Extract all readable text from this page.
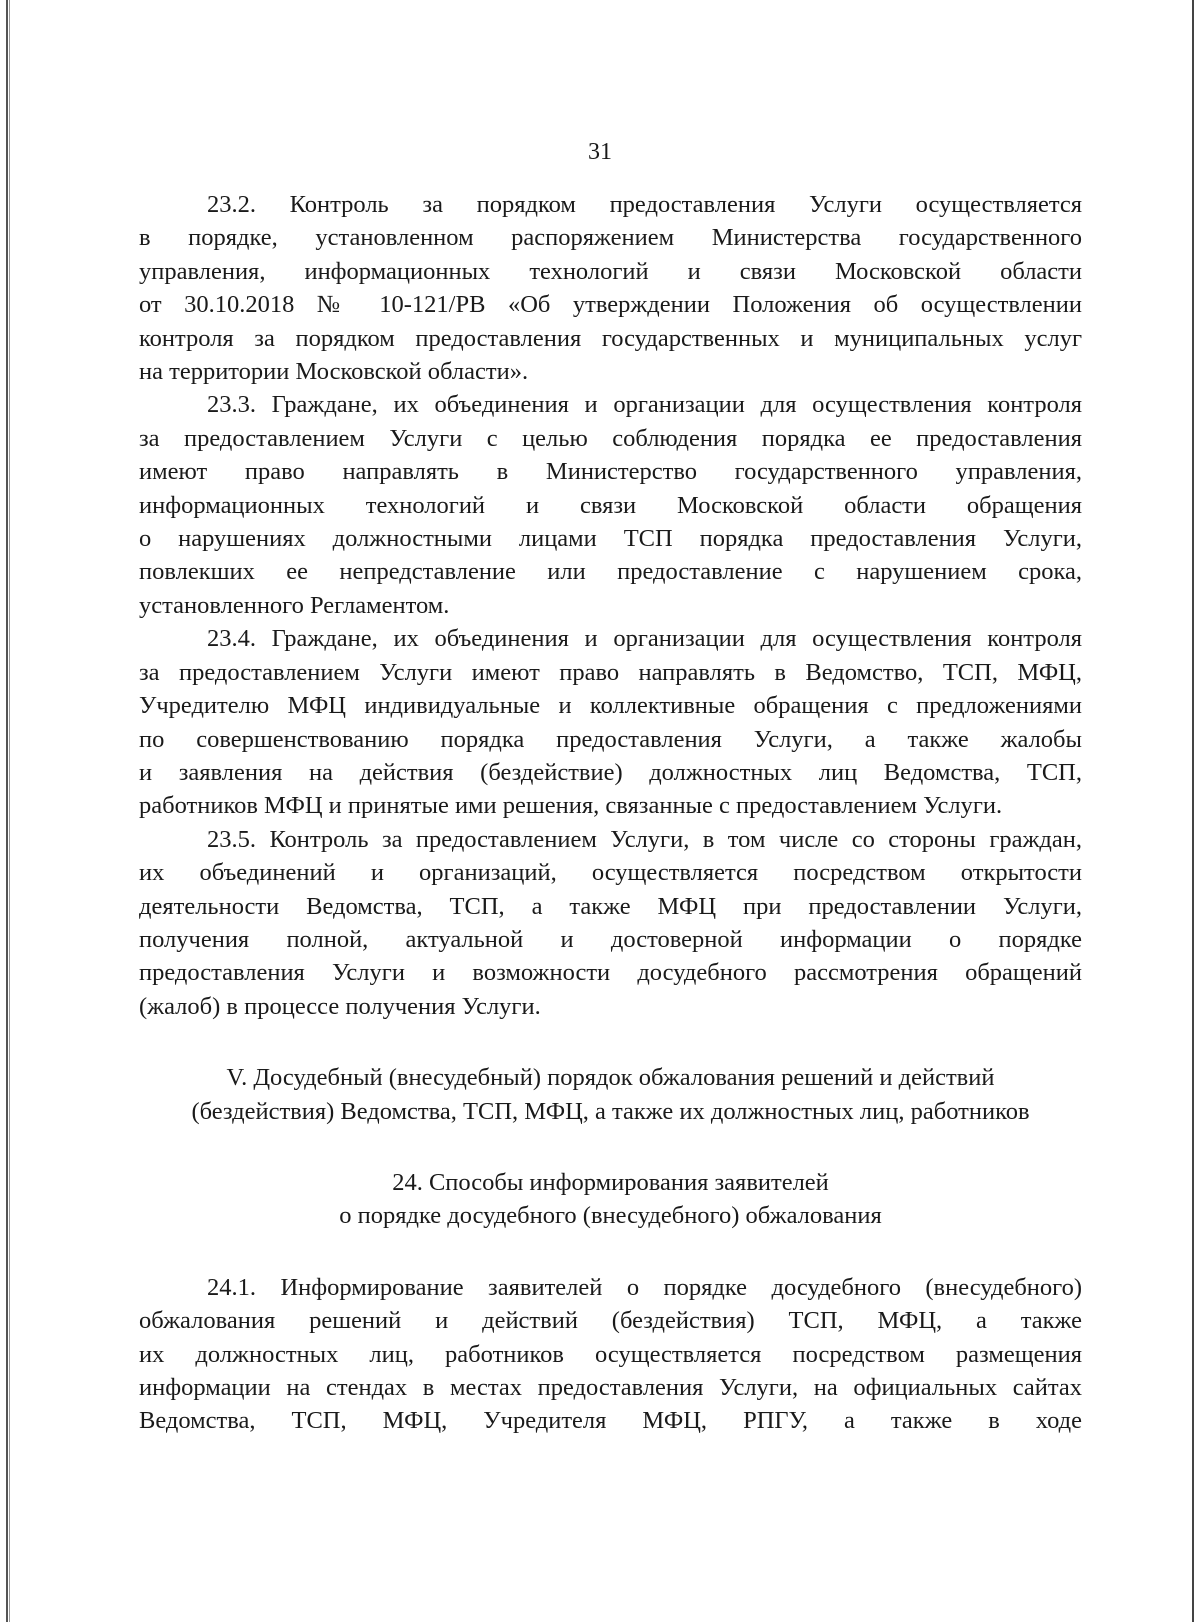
31
23.2. Контроль за порядком предоставления Услуги осуществляется
в порядке, установленном распоряжением Министерства государственного
управления, информационных технологий и связи Московской области
от 30.10.2018 № 10-121/РВ «Об утверждении Положения об осуществлении
контроля за порядком предоставления государственных и муниципальных услуг
на территории Московской области».
23.3. Граждане, их объединения и организации для осуществления контроля
за предоставлением Услуги с целью соблюдения порядка ее предоставления
имеют право направлять в Министерство государственного управления,
информационных технологий и связи Московской области обращения
о нарушениях должностными лицами ТСП порядка предоставления Услуги,
повлекших ее непредставление или предоставление с нарушением срока,
установленного Регламентом.
23.4. Граждане, их объединения и организации для осуществления контроля
за предоставлением Услуги имеют право направлять в Ведомство, ТСП, МФЦ,
Учредителю МФЦ индивидуальные и коллективные обращения с предложениями
по совершенствованию порядка предоставления Услуги, а также жалобы
и заявления на действия (бездействие) должностных лиц Ведомства, ТСП,
работников МФЦ и принятые ими решения, связанные с предоставлением Услуги.
23.5. Контроль за предоставлением Услуги, в том числе со стороны граждан,
их объединений и организаций, осуществляется посредством открытости
деятельности Ведомства, ТСП, а также МФЦ при предоставлении Услуги,
получения полной, актуальной и достоверной информации о порядке
предоставления Услуги и возможности досудебного рассмотрения обращений
(жалоб) в процессе получения Услуги.
V. Досудебный (внесудебный) порядок обжалования решений и действий
(бездействия) Ведомства, ТСП, МФЦ, а также их должностных лиц, работников
24. Способы информирования заявителей
о порядке досудебного (внесудебного) обжалования
24.1. Информирование заявителей о порядке досудебного (внесудебного)
обжалования решений и действий (бездействия) ТСП, МФЦ, а также
их должностных лиц, работников осуществляется посредством размещения
информации на стендах в местах предоставления Услуги, на официальных сайтах
Ведомства, ТСП, МФЦ, Учредителя МФЦ, РПГУ, а также в ходе
